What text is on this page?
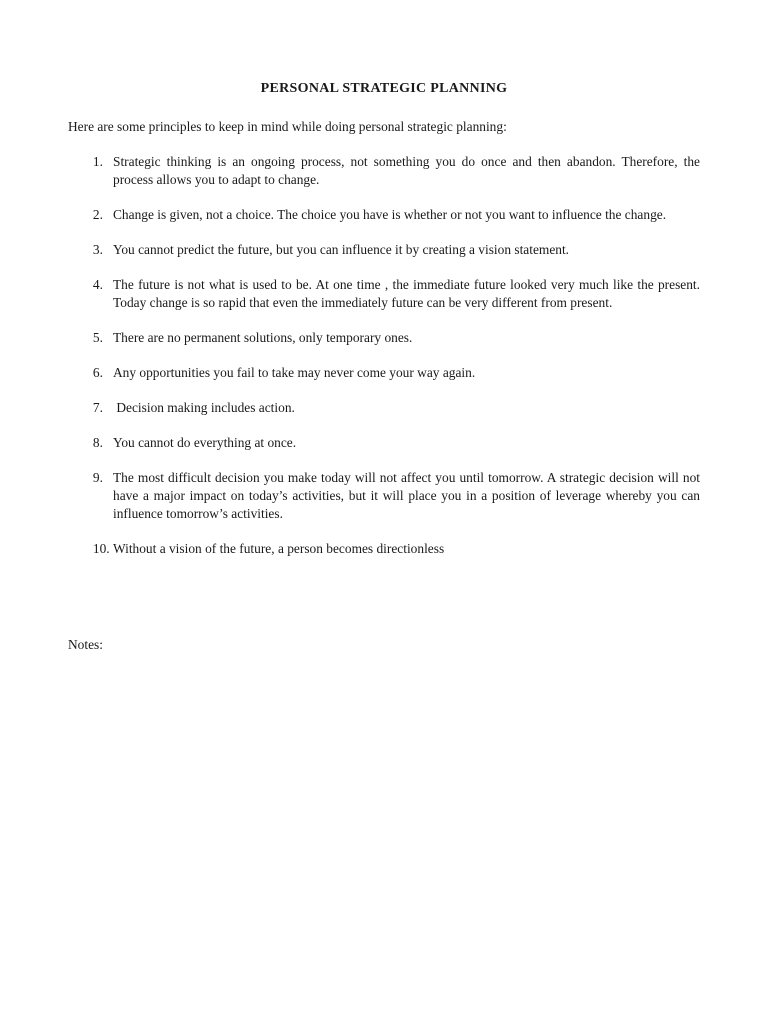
PERSONAL STRATEGIC PLANNING

Here are some principles to keep in mind while doing personal strategic planning:

1. Strategic thinking is an ongoing process, not something you do once and then abandon. Therefore, the process allows you to adapt to change.
2. Change is given, not a choice. The choice you have is whether or not you want to influence the change.
3. You cannot predict the future, but you can influence it by creating a vision statement.
4. The future is not what is used to be. At one time , the immediate future looked very much like the present. Today change is so rapid that even the immediately future can be very different from present.
5. There are no permanent solutions, only temporary ones.
6. Any opportunities you fail to take may never come your way again.
7. Decision making includes action.
8. You cannot do everything at once.
9. The most difficult decision you make today will not affect you until tomorrow. A strategic decision will not have a major impact on today’s activities, but it will place you in a position of leverage whereby you can influence tomorrow’s activities.
10. Without a vision of the future, a person becomes directionless

Notes:
